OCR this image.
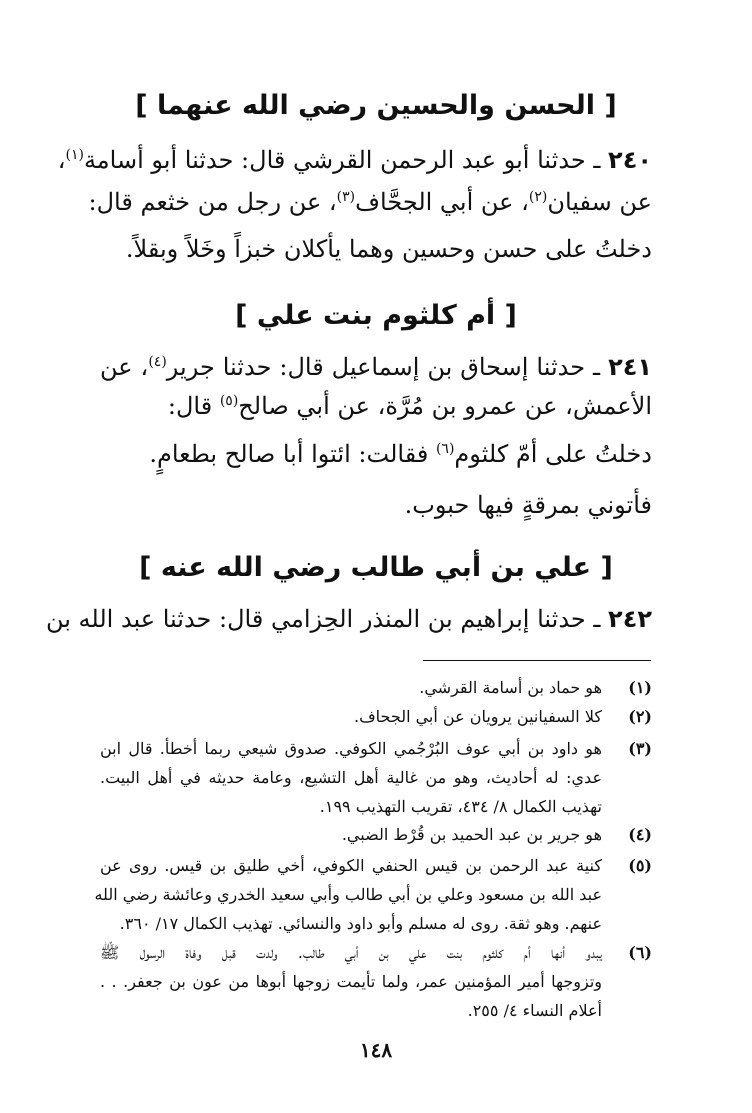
[ الحسن والحسين رضي الله عنهما ]
٢٤٠ ـ حدثنا أبو عبد الرحمن القرشي قال: حدثنا أبو أسامة$^{(١)}$،
عن سفيان$^{(٢)}$، عن أبي الجحَّاف$^{(٣)}$، عن رجل من خثعم قال:
دخلتُ على حسن وحسين وهما يأكلان خبزاً وخَلاً وبقلاً.
[ أم كلثوم بنت علي ]
٢٤١ ـ حدثنا إسحاق بن إسماعيل قال: حدثنا جرير$^{(٤)}$، عن
الأعمش، عن عمرو بن مُرَّة، عن أبي صالح$^{(٥)}$ قال:
دخلتُ على أمّ كلثوم$^{(٦)}$ فقالت: ائتوا أبا صالح بطعامٍ.
فأتوني بمرقةٍ فيها حبوب.
[ علي بن أبي طالب رضي الله عنه ]
٢٤٢ ـ حدثنا إبراهيم بن المنذر الحِزامي قال: حدثنا عبد الله بن
(١)
هو حماد بن أسامة القرشي.
(٢)
كلا السفيانين يرويان عن أبي الجحاف.
(٣)
هو داود بن أبي عوف البُرْجُمي الكوفي. صدوق شيعي ربما أخطأ. قال ابن
عدي: له أحاديث، وهو من غالية أهل التشيع، وعامة حديثه في أهل البيت.
تهذيب الكمال ٨/ ٤٣٤، تقريب التهذيب ١٩٩.
(٤)
هو جرير بن عبد الحميد بن قُرْط الضبي.
(٥)
كنية عبد الرحمن بن قيس الحنفي الكوفي، أخي طليق بن قيس. روى عن
عبد الله بن مسعود وعلي بن أبي طالب وأبي سعيد الخدري وعائشة رضي الله
عنهم. وهو ثقة. روى له مسلم وأبو داود والنسائي. تهذيب الكمال ١٧/ ٣٦٠.
(٦)
يبدو أنها أم كلثوم بنت علي بن أبي طالب. ولدت قبل وفاة الرسول ﷺ
وتزوجها أمير المؤمنين عمر، ولما تأيمت زوجها أبوها من عون بن جعفر. . .
أعلام النساء ٤/ ٢٥٥.
١٤٨
